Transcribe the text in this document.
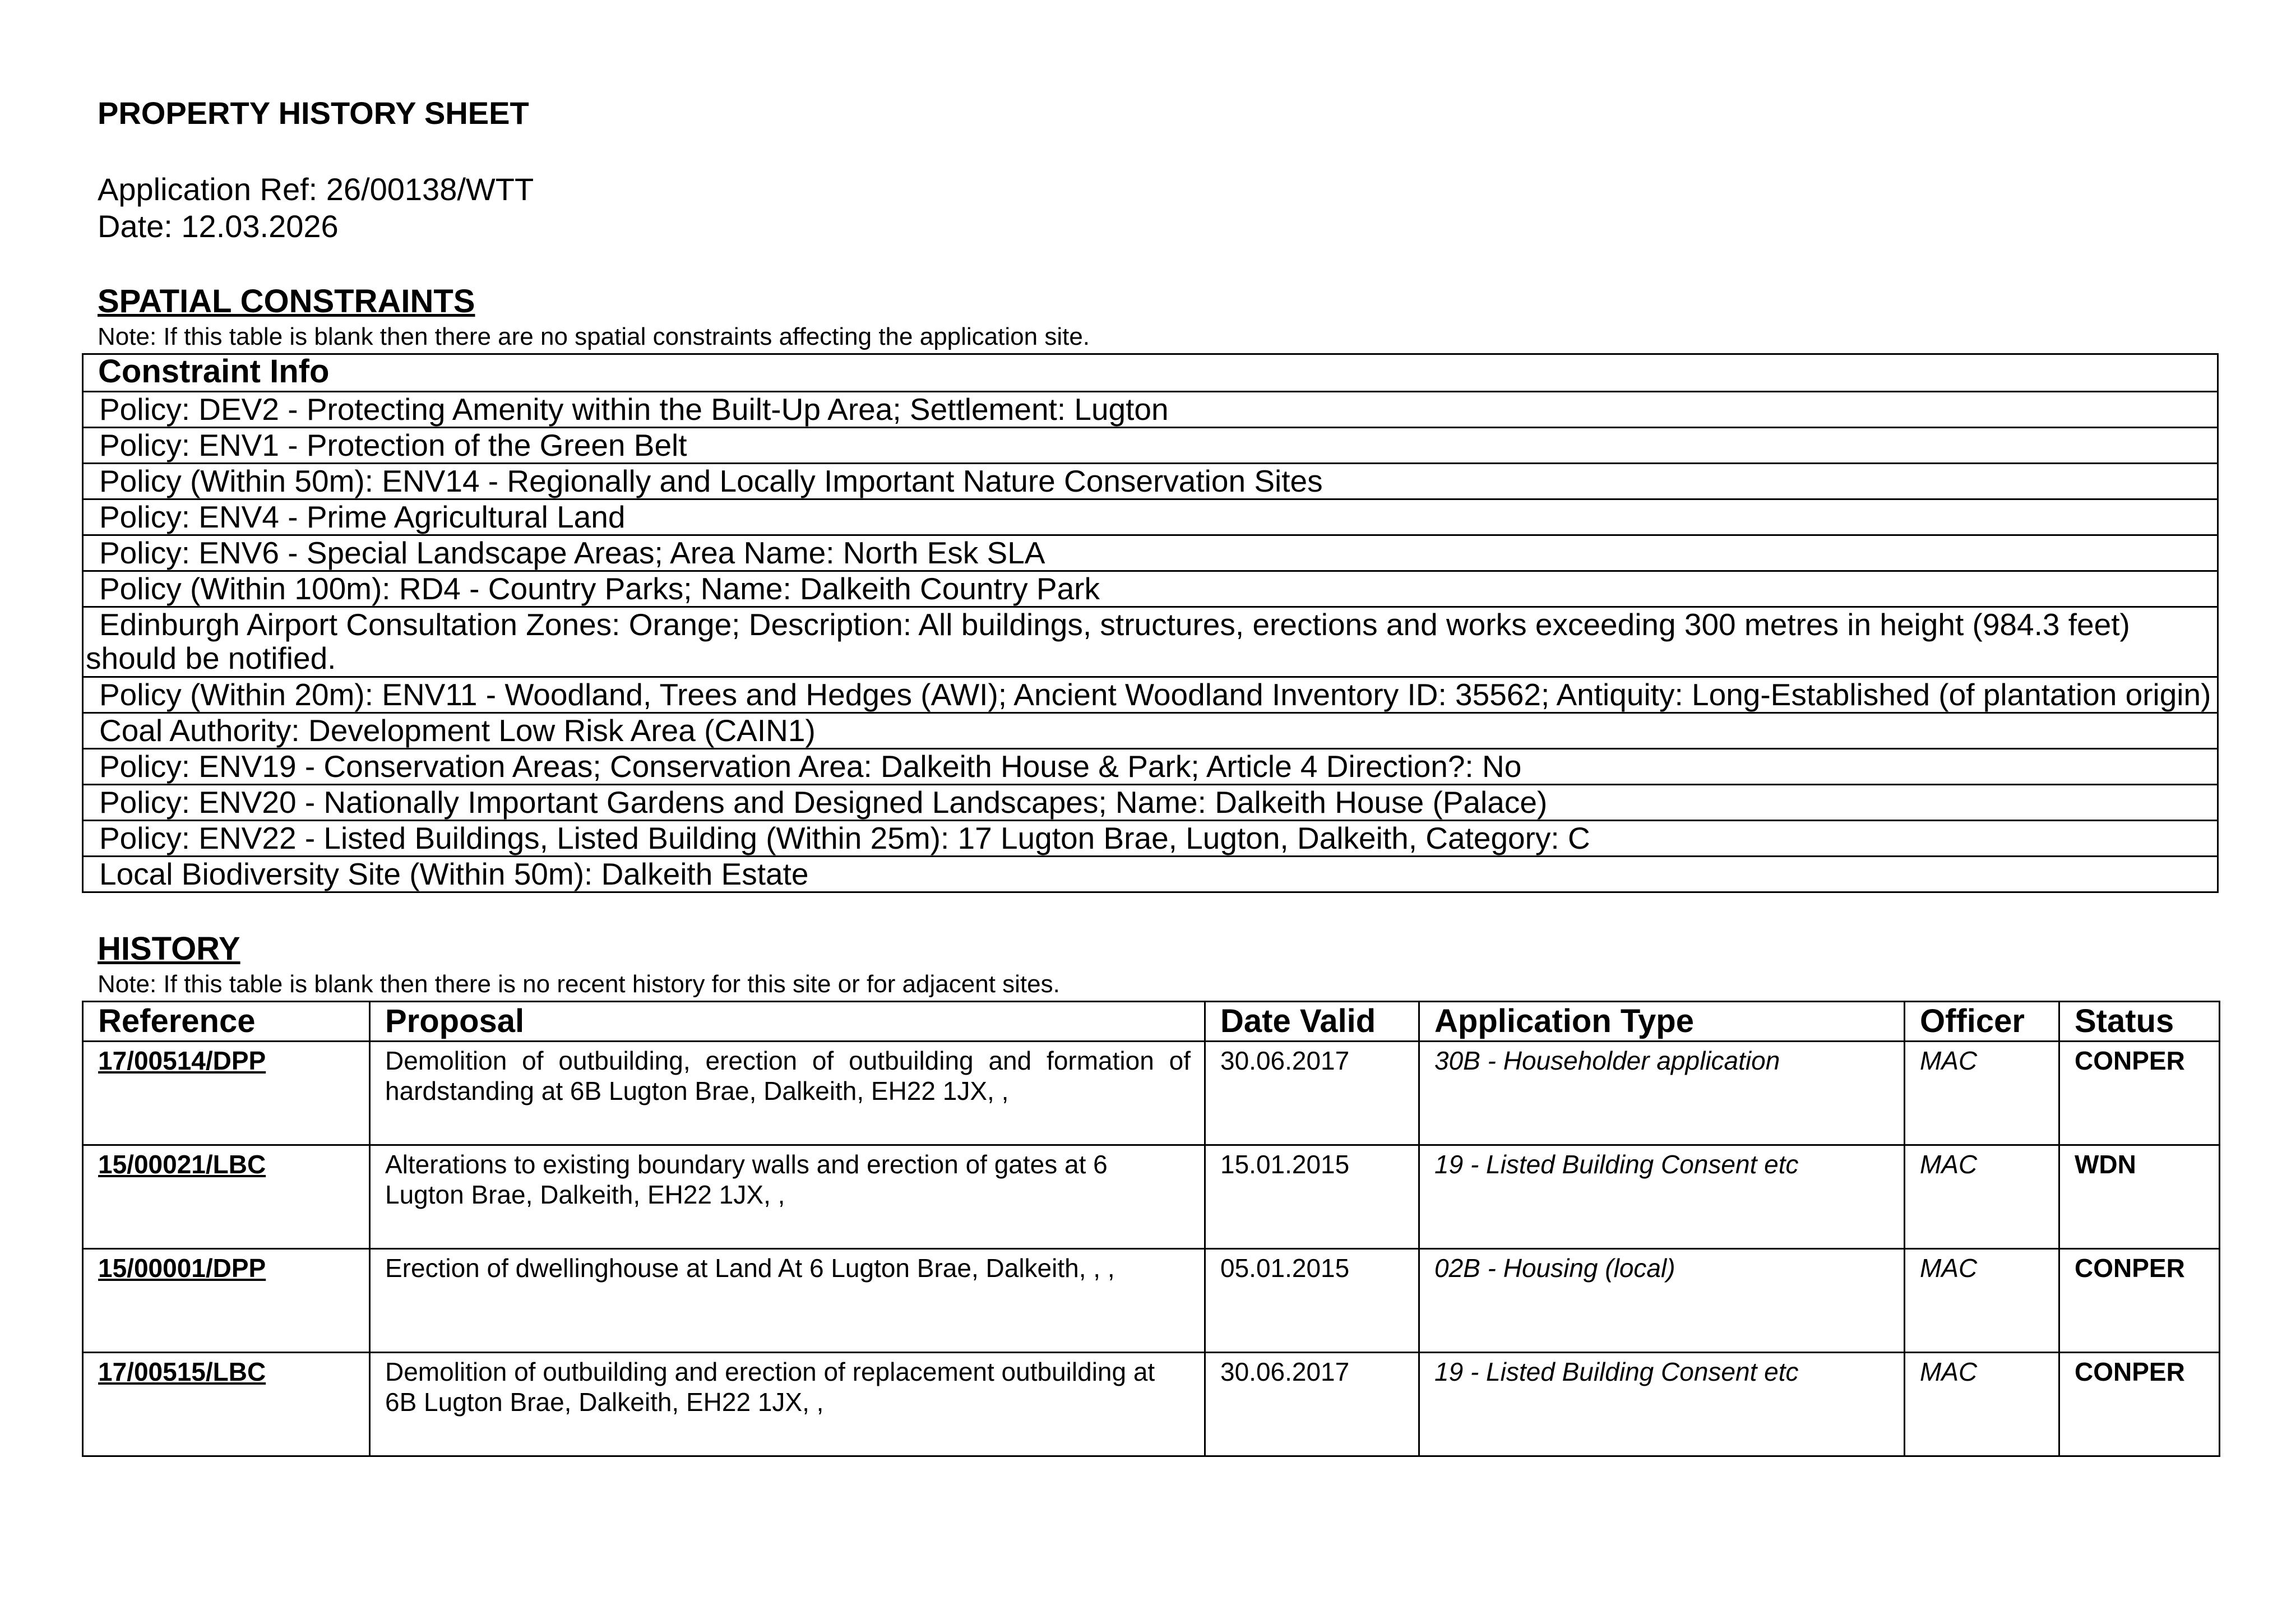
PROPERTY HISTORY SHEET
Application Ref: 26/00138/WTT
Date: 12.03.2026
SPATIAL CONSTRAINTS
Note: If this table is blank then there are no spatial constraints affecting the application site.
Constraint Info
Policy: DEV2 - Protecting Amenity within the Built-Up Area; Settlement: Lugton
Policy: ENV1 - Protection of the Green Belt
Policy (Within 50m): ENV14 - Regionally and Locally Important Nature Conservation Sites
Policy: ENV4 - Prime Agricultural Land
Policy: ENV6 - Special Landscape Areas; Area Name: North Esk SLA
Policy (Within 100m): RD4 - Country Parks; Name: Dalkeith Country Park
Edinburgh Airport Consultation Zones: Orange; Description: All buildings, structures, erections and works exceeding 300 metres in height (984.3 feet) should be notified.
Policy (Within 20m): ENV11 - Woodland, Trees and Hedges (AWI); Ancient Woodland Inventory ID: 35562; Antiquity: Long-Established (of plantation origin)
Coal Authority: Development Low Risk Area (CAIN1)
Policy: ENV19 - Conservation Areas; Conservation Area: Dalkeith House & Park; Article 4 Direction?: No
Policy: ENV20 - Nationally Important Gardens and Designed Landscapes; Name: Dalkeith House (Palace)
Policy: ENV22 - Listed Buildings, Listed Building (Within 25m): 17 Lugton Brae, Lugton, Dalkeith, Category: C
Local Biodiversity Site (Within 50m): Dalkeith Estate
HISTORY
Note: If this table is blank then there is no recent history for this site or for adjacent sites.
Reference	Proposal	Date Valid	Application Type	Officer	Status
17/00514/DPP	Demolition of outbuilding, erection of outbuilding and formation of hardstanding at 6B Lugton Brae, Dalkeith, EH22 1JX, ,	30.06.2017	30B - Householder application	MAC	CONPER
15/00021/LBC	Alterations to existing boundary walls and erection of gates at 6 Lugton Brae, Dalkeith, EH22 1JX, ,	15.01.2015	19 - Listed Building Consent etc	MAC	WDN
15/00001/DPP	Erection of dwellinghouse at Land At 6 Lugton Brae, Dalkeith, , ,	05.01.2015	02B - Housing (local)	MAC	CONPER
17/00515/LBC	Demolition of outbuilding and erection of replacement outbuilding at 6B Lugton Brae, Dalkeith, EH22 1JX, ,	30.06.2017	19 - Listed Building Consent etc	MAC	CONPER
